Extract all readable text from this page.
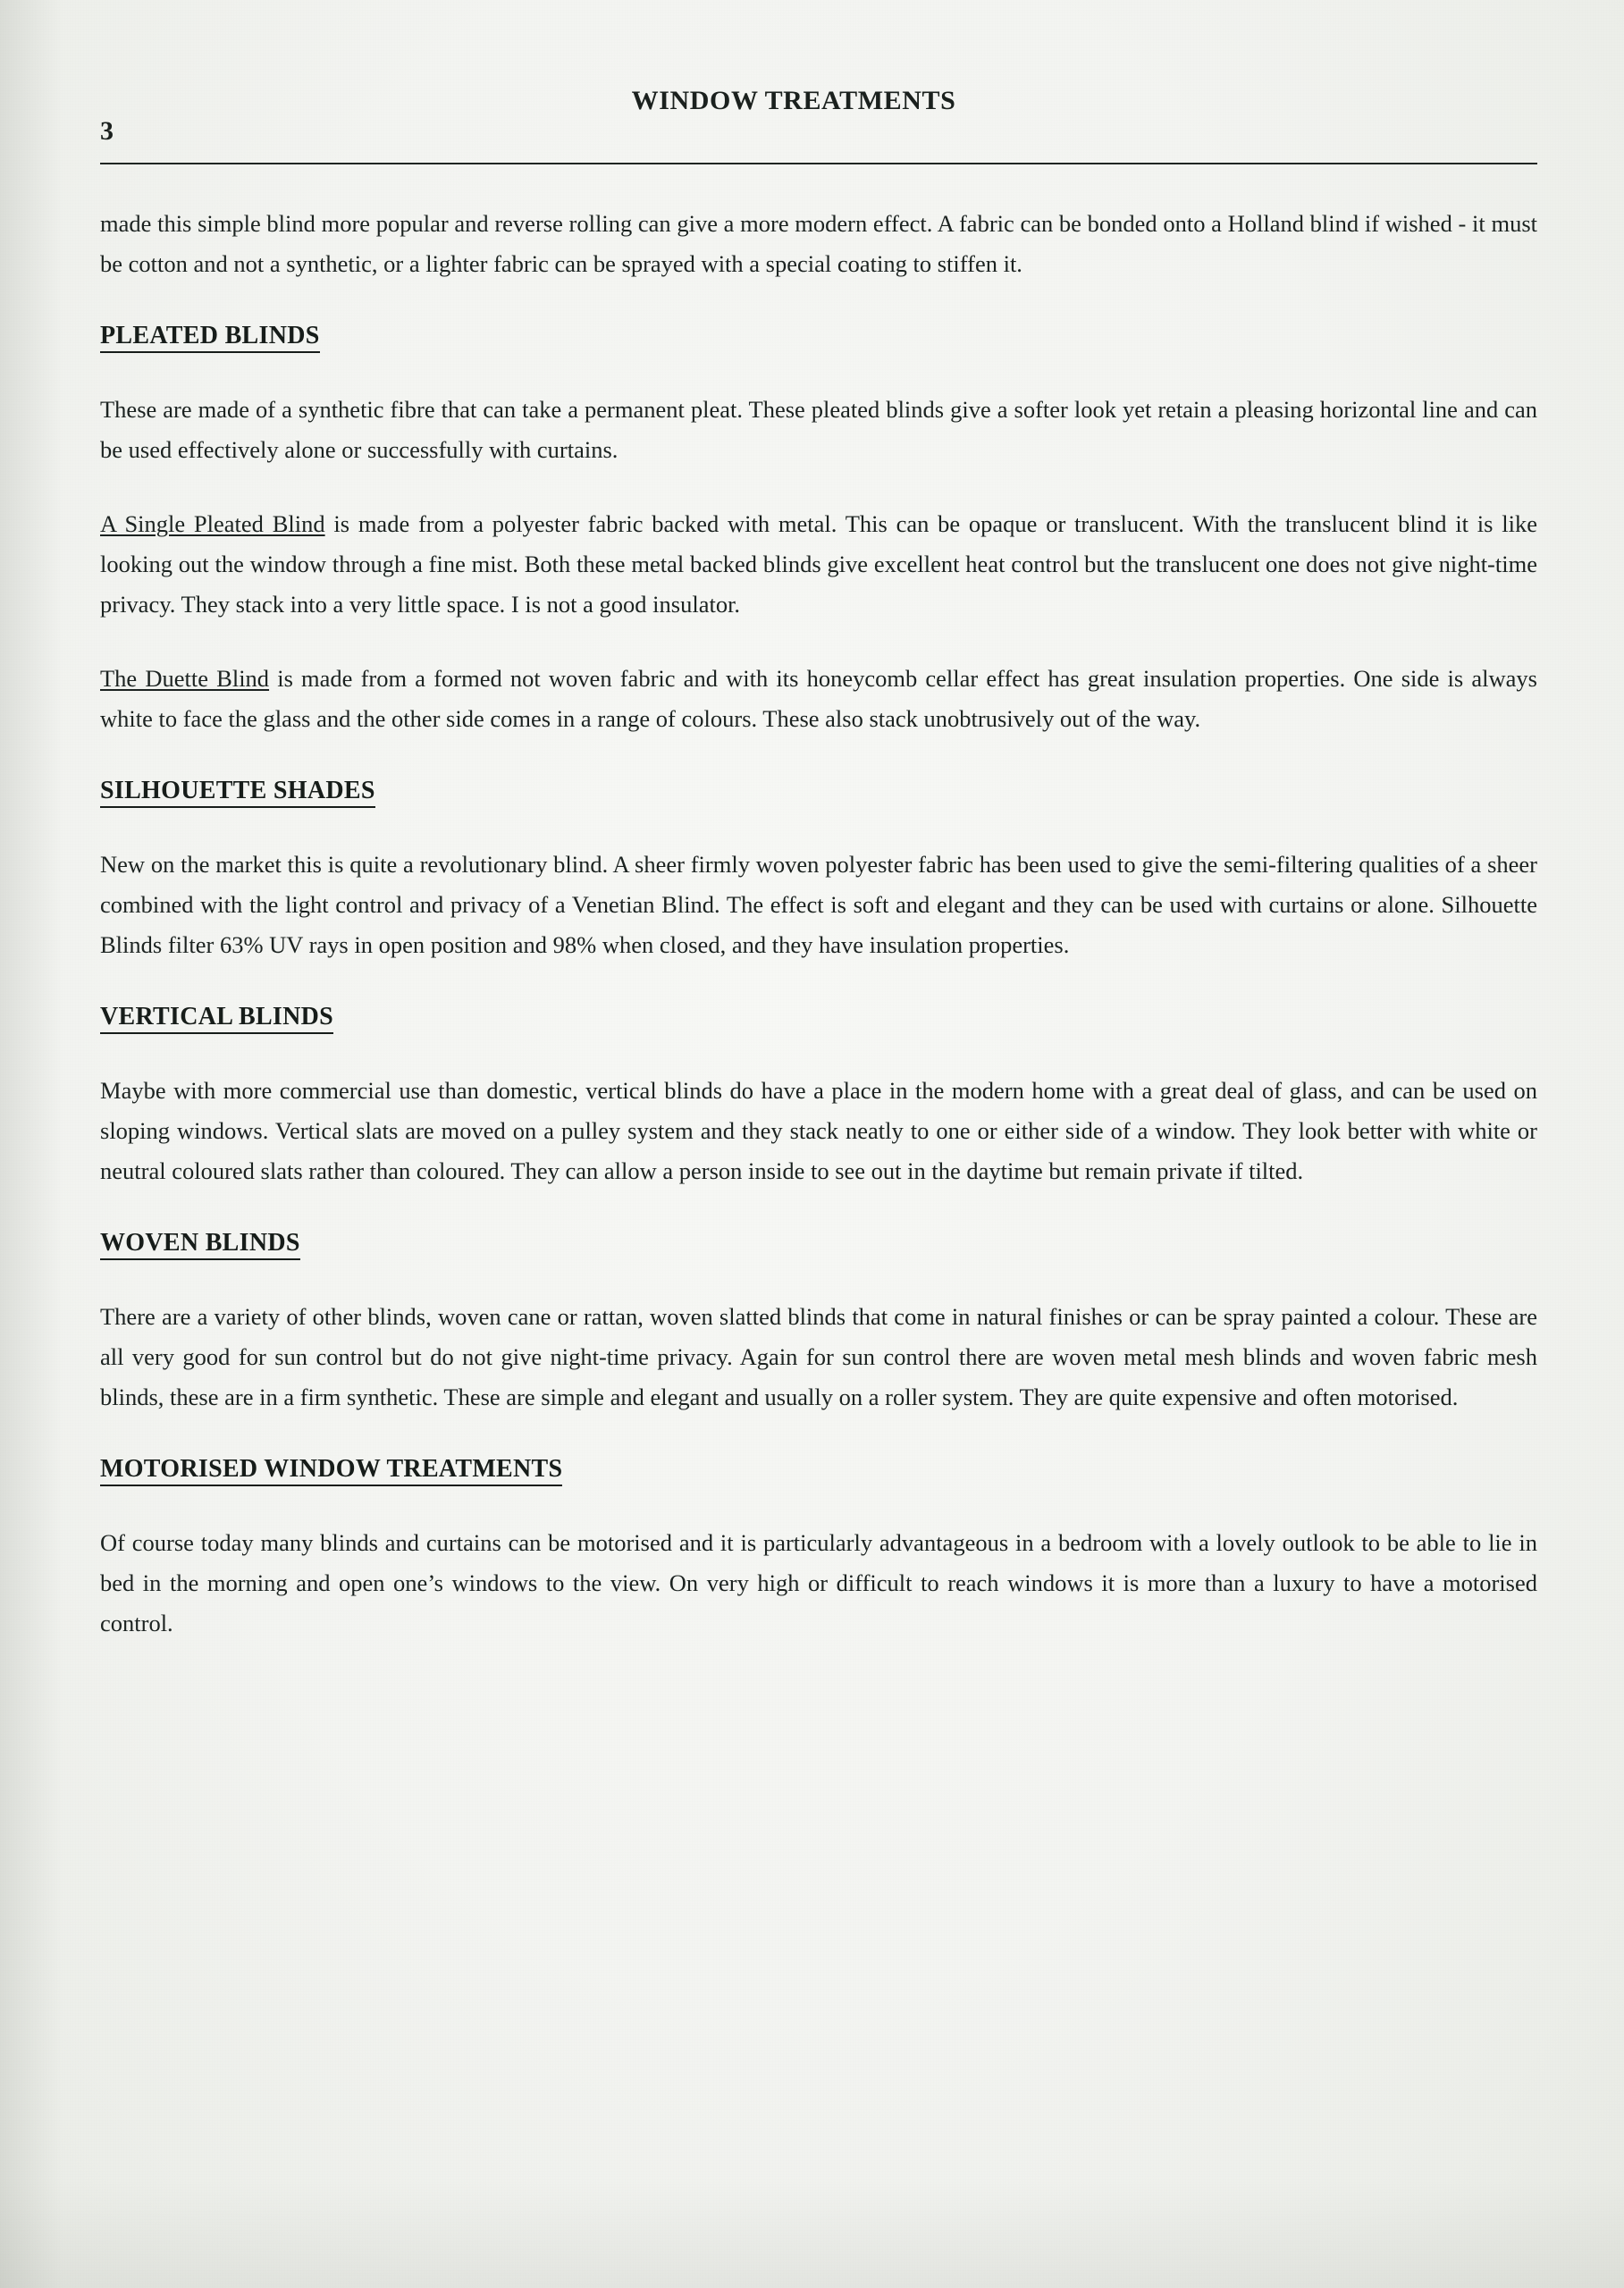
WINDOW TREATMENTS
3

made this simple blind more popular and reverse rolling can give a more modern effect. A fabric can be bonded onto a Holland blind if wished - it must be cotton and not a synthetic, or a lighter fabric can be sprayed with a special coating to stiffen it.

PLEATED BLINDS

These are made of a synthetic fibre that can take a permanent pleat. These pleated blinds give a softer look yet retain a pleasing horizontal line and can be used effectively alone or successfully with curtains.

A Single Pleated Blind is made from a polyester fabric backed with metal. This can be opaque or translucent. With the translucent blind it is like looking out the window through a fine mist. Both these metal backed blinds give excellent heat control but the translucent one does not give night-time privacy. They stack into a very little space. I is not a good insulator.

The Duette Blind is made from a formed not woven fabric and with its honeycomb cellar effect has great insulation properties. One side is always white to face the glass and the other side comes in a range of colours. These also stack unobtrusively out of the way.

SILHOUETTE SHADES

New on the market this is quite a revolutionary blind. A sheer firmly woven polyester fabric has been used to give the semi-filtering qualities of a sheer combined with the light control and privacy of a Venetian Blind. The effect is soft and elegant and they can be used with curtains or alone. Silhouette Blinds filter 63% UV rays in open position and 98% when closed, and they have insulation properties.

VERTICAL BLINDS

Maybe with more commercial use than domestic, vertical blinds do have a place in the modern home with a great deal of glass, and can be used on sloping windows. Vertical slats are moved on a pulley system and they stack neatly to one or either side of a window. They look better with white or neutral coloured slats rather than coloured. They can allow a person inside to see out in the daytime but remain private if tilted.

WOVEN BLINDS

There are a variety of other blinds, woven cane or rattan, woven slatted blinds that come in natural finishes or can be spray painted a colour. These are all very good for sun control but do not give night-time privacy. Again for sun control there are woven metal mesh blinds and woven fabric mesh blinds, these are in a firm synthetic. These are simple and elegant and usually on a roller system. They are quite expensive and often motorised.

MOTORISED WINDOW TREATMENTS

Of course today many blinds and curtains can be motorised and it is particularly advantageous in a bedroom with a lovely outlook to be able to lie in bed in the morning and open one’s windows to the view. On very high or difficult to reach windows it is more than a luxury to have a motorised control.
